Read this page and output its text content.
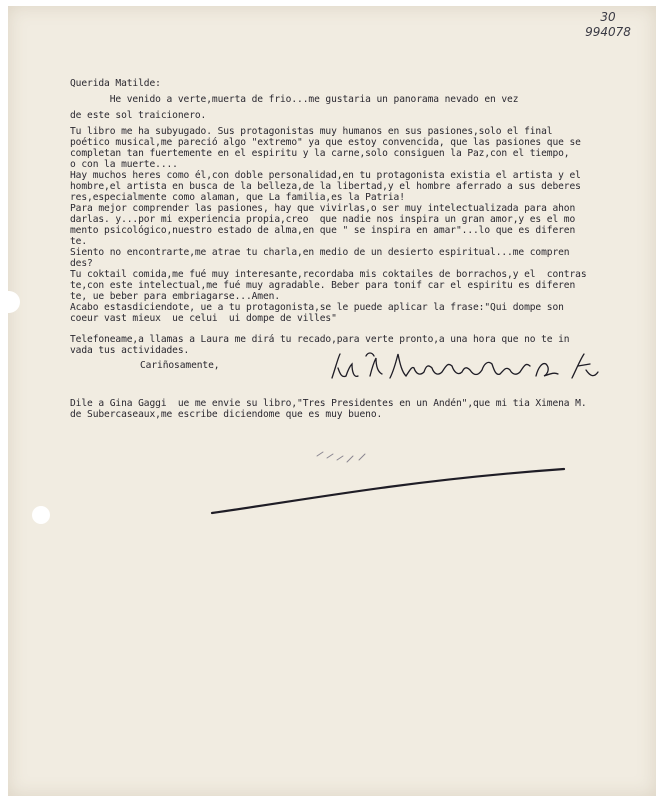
30
994078
Querida Matilde:
He venido a verte,muerta de frio...me gustaria un panorama nevado en vez
de este sol traicionero.
Tu libro me ha subyugado. Sus protagonistas muy humanos en sus pasiones,solo el final
poético musical,me pareció algo "extremo" ya que estoy convencida, que las pasiones que se
completan tan fuertemente en el espiritu y la carne,solo consiguen la Paz,con el tiempo,
o con la muerte....
Hay muchos heres como él,con doble personalidad,en tu protagonista existia el artista y el
hombre,el artista en busca de la belleza,de la libertad,y el hombre aferrado a sus deberes
res,especialmente como alaman, que La familia,es la Patria!
Para mejor comprender las pasiones, hay que vivirlas,o ser muy intelectualizada para ahon
darlas. y...por mi experiencia propia,creo  que nadie nos inspira un gran amor,y es el mo
mento psicológico,nuestro estado de alma,en que " se inspira en amar"...lo que es diferen
te.
Siento no encontrarte,me atrae tu charla,en medio de un desierto espiritual...me compren
des?
Tu coktail comida,me fué muy interesante,recordaba mis coktailes de borrachos,y el  contras
te,con este intelectual,me fué muy agradable. Beber para tonif car el espiritu es diferen
te, ue beber para embriagarse...Amen.
Acabo estasdiciendote, ue a tu protagonista,se le puede aplicar la frase:"Qui dompe son
coeur vast mieux  ue celui  ui dompe de villes"
Telefoneame,a llamas a Laura me dirá tu recado,para verte pronto,a una hora que no te in
vada tus actividades.
Cariñosamente,
Dile a Gina Gaggi  ue me envie su libro,"Tres Presidentes en un Andén",que mi tia Ximena M.
de Subercaseaux,me escribe diciendome que es muy bueno.
